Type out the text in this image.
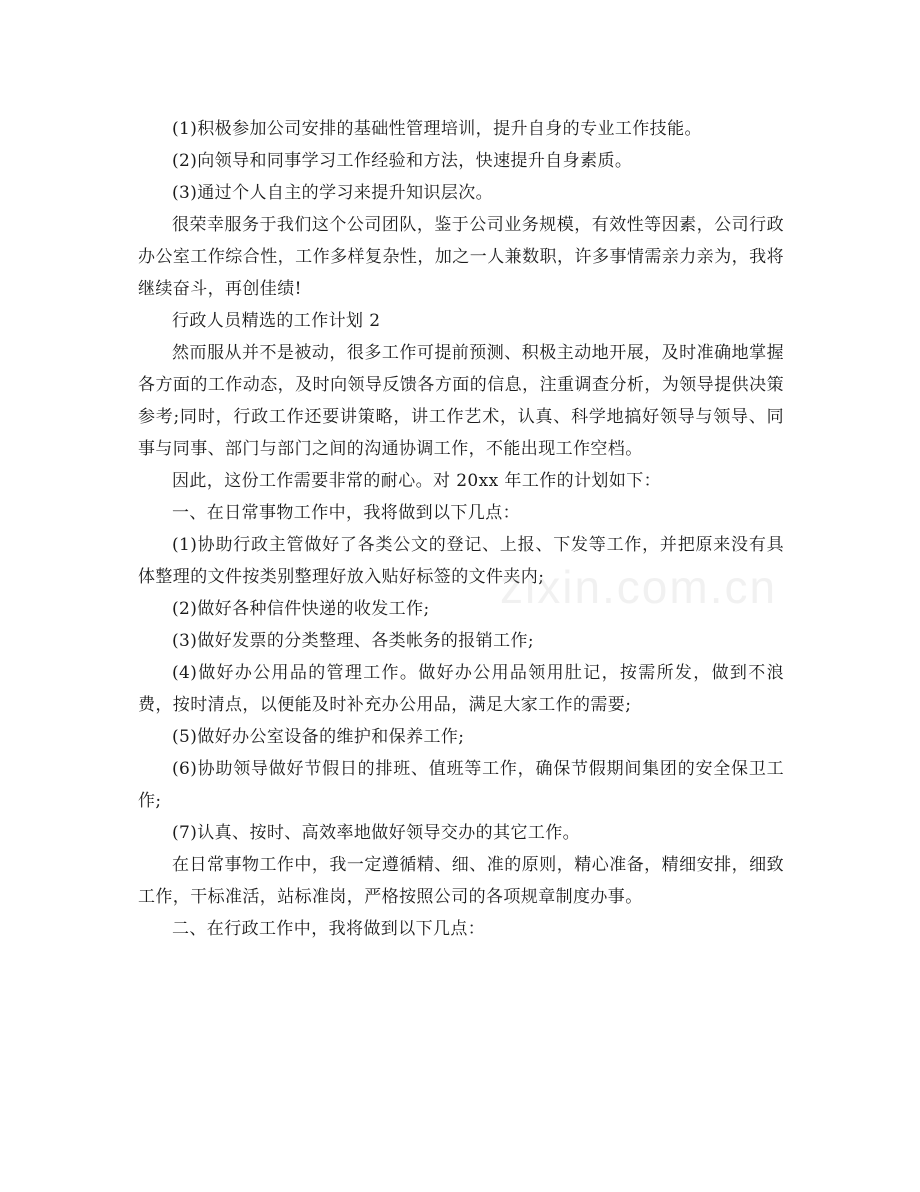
(1)积极参加公司安排的基础性管理培训，提升自身的专业工作技能。

(2)向领导和同事学习工作经验和方法，快速提升自身素质。

(3)通过个人自主的学习来提升知识层次。

很荣幸服务于我们这个公司团队，鉴于公司业务规模，有效性等因素，公司行政办公室工作综合性，工作多样复杂性，加之一人兼数职，许多事情需亲力亲为，我将继续奋斗，再创佳绩!

行政人员精选的工作计划 2

然而服从并不是被动，很多工作可提前预测、积极主动地开展，及时准确地掌握各方面的工作动态，及时向领导反馈各方面的信息，注重调查分析，为领导提供决策参考;同时，行政工作还要讲策略，讲工作艺术，认真、科学地搞好领导与领导、同事与同事、部门与部门之间的沟通协调工作，不能出现工作空档。

因此，这份工作需要非常的耐心。对 20xx 年工作的计划如下：

一、在日常事物工作中，我将做到以下几点：

(1)协助行政主管做好了各类公文的登记、上报、下发等工作，并把原来没有具体整理的文件按类别整理好放入贴好标签的文件夹内;

(2)做好各种信件快递的收发工作;

(3)做好发票的分类整理、各类帐务的报销工作;

(4)做好办公用品的管理工作。做好办公用品领用肚记，按需所发，做到不浪费，按时清点，以便能及时补充办公用品，满足大家工作的需要;

(5)做好办公室设备的维护和保养工作;

(6)协助领导做好节假日的排班、值班等工作，确保节假期间集团的安全保卫工作;

(7)认真、按时、高效率地做好领导交办的其它工作。

在日常事物工作中，我一定遵循精、细、准的原则，精心准备，精细安排，细致工作，干标准活，站标准岗，严格按照公司的各项规章制度办事。

二、在行政工作中，我将做到以下几点：

zixin.com.cn
